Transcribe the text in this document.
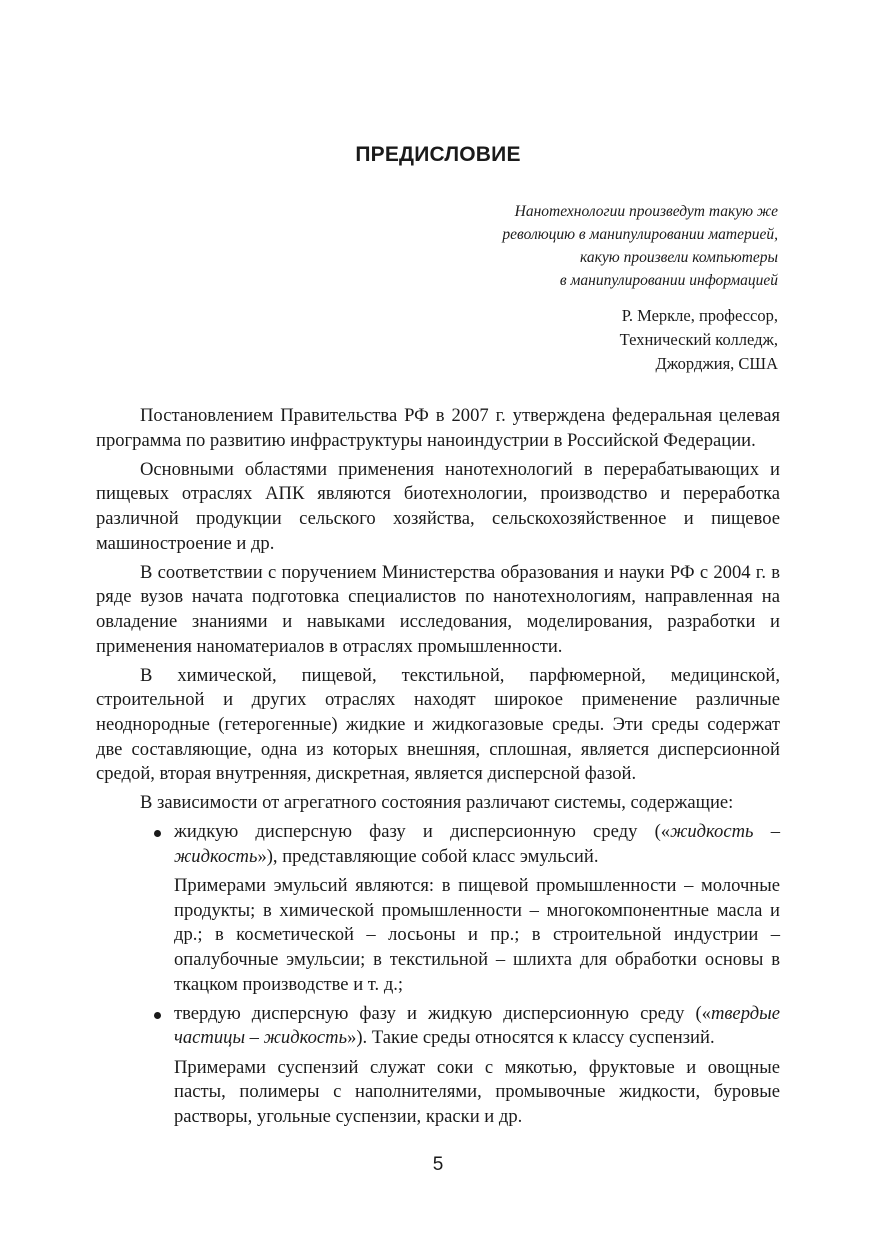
ПРЕДИСЛОВИЕ

Нанотехнологии произведут такую же
революцию в манипулировании материей,
какую произвели компьютеры
в манипулировании информацией

Р. Меркле, профессор,
Технический колледж,
Джорджия, США

Постановлением Правительства РФ в 2007 г. утверждена федеральная целевая программа по развитию инфраструктуры наноиндустрии в Российской Федерации.

Основными областями применения нанотехнологий в перерабатывающих и пищевых отраслях АПК являются биотехнологии, производство и переработка различной продукции сельского хозяйства, сельскохозяйственное и пищевое машиностроение и др.

В соответствии с поручением Министерства образования и науки РФ с 2004 г. в ряде вузов начата подготовка специалистов по нанотехнологиям, направленная на овладение знаниями и навыками исследования, моделирования, разработки и применения наноматериалов в отраслях промышленности.

В химической, пищевой, текстильной, парфюмерной, медицинской, строительной и других отраслях находят широкое применение различные неоднородные (гетерогенные) жидкие и жидкогазовые среды. Эти среды содержат две составляющие, одна из которых внешняя, сплошная, является дисперсионной средой, вторая внутренняя, дискретная, является дисперсной фазой.

В зависимости от агрегатного состояния различают системы, содержащие:

жидкую дисперсную фазу и дисперсионную среду («жидкость – жидкость»), представляющие собой класс эмульсий.

Примерами эмульсий являются: в пищевой промышленности – молочные продукты; в химической промышленности – многокомпонентные масла и др.; в косметической – лосьоны и пр.; в строительной индустрии – опалубочные эмульсии; в текстильной – шлихта для обработки основы в ткацком производстве и т. д.;

твердую дисперсную фазу и жидкую дисперсионную среду («твердые частицы – жидкость»). Такие среды относятся к классу суспензий.

Примерами суспензий служат соки с мякотью, фруктовые и овощные пасты, полимеры с наполнителями, промывочные жидкости, буровые растворы, угольные суспензии, краски и др.

5
